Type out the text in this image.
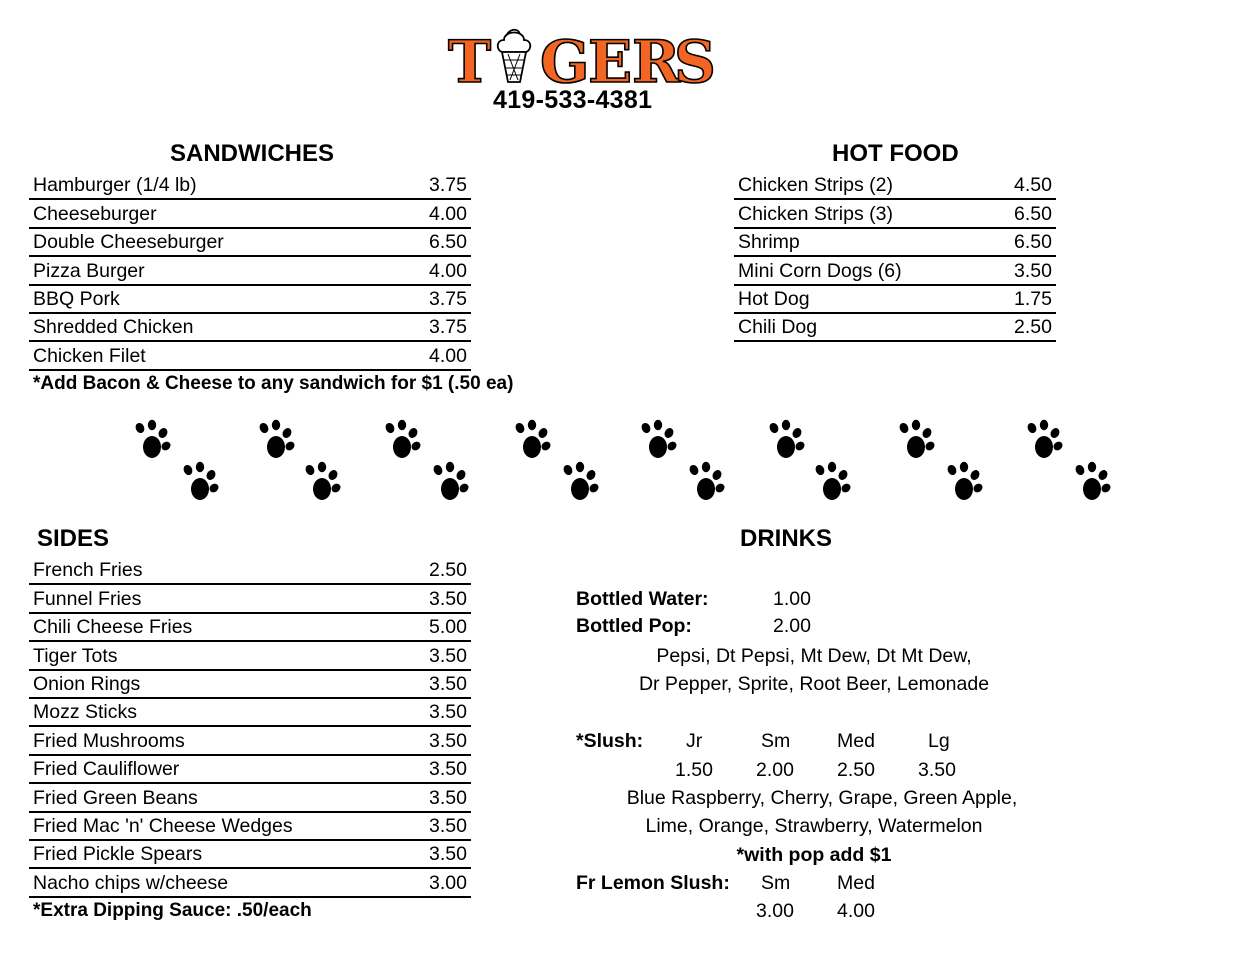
T G
E R
S
419-533-4381
SANDWICHES
Hamburger (1/4 lb)	3.75
Cheeseburger	4.00
Double Cheeseburger	6.50
Pizza Burger	4.00
BBQ Pork	3.75
Shredded Chicken	3.75
Chicken Filet	4.00
*Add Bacon & Cheese to any sandwich for $1 (.50 ea)
HOT FOOD
Chicken Strips (2)	4.50
Chicken Strips (3)	6.50
Shrimp	6.50
Mini Corn Dogs (6)	3.50
Hot Dog	1.75
Chili Dog	2.50
SIDES
French Fries	2.50
Funnel Fries	3.50
Chili Cheese Fries	5.00
Tiger Tots	3.50
Onion Rings	3.50
Mozz Sticks	3.50
Fried Mushrooms	3.50
Fried Cauliflower	3.50
Fried Green Beans	3.50
Fried Mac 'n' Cheese Wedges	3.50
Fried Pickle Spears	3.50
Nacho chips w/cheese	3.00
*Extra Dipping Sauce: .50/each
DRINKS
Bottled Water:	1.00
Bottled Pop:	2.00
Pepsi, Dt Pepsi, Mt Dew, Dt Mt Dew,
Dr Pepper, Sprite, Root Beer, Lemonade
*Slush: Jr	Sm Med	Lg
1.50 2.00 2.50 3.50
Blue Raspberry, Cherry, Grape, Green Apple,
Lime, Orange, Strawberry, Watermelon
*with pop add $1
Fr Lemon Slush: Sm Med
3.00 4.00
